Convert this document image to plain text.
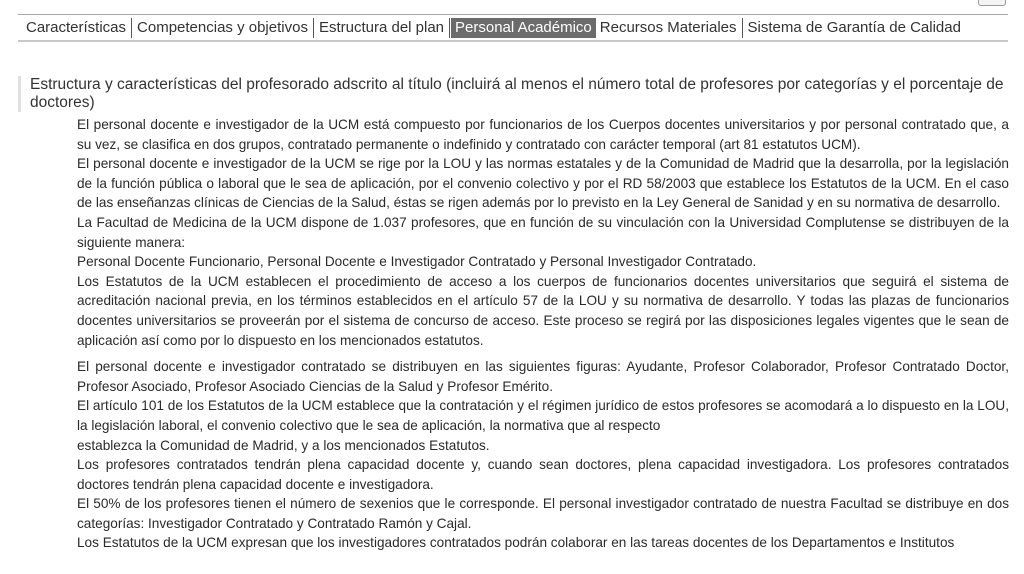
Características Competencias y objetivos Estructura del plan Personal Académico Recursos Materiales Sistema de Garantía de Calidad
Estructura y características del profesorado adscrito al título (incluirá al menos el número total de profesores por categorías y el porcentaje de doctores)

El personal docente e investigador de la UCM está compuesto por funcionarios de los Cuerpos docentes universitarios y por personal contratado que, a su vez, se clasifica en dos grupos, contratado permanente o indefinido y contratado con carácter temporal (art 81 estatutos UCM).

El personal docente e investigador de la UCM se rige por la LOU y las normas estatales y de la Comunidad de Madrid que la desarrolla, por la legislación de la función pública o laboral que le sea de aplicación, por el convenio colectivo y por el RD 58/2003 que establece los Estatutos de la UCM. En el caso de las enseñanzas clínicas de Ciencias de la Salud, éstas se rigen además por lo previsto en la Ley General de Sanidad y en su normativa de desarrollo.

La Facultad de Medicina de la UCM dispone de 1.037 profesores, que en función de su vinculación con la Universidad Complutense se distribuyen de la siguiente manera:

Personal Docente Funcionario, Personal Docente e Investigador Contratado y Personal Investigador Contratado.

Los Estatutos de la UCM establecen el procedimiento de acceso a los cuerpos de funcionarios docentes universitarios que seguirá el sistema de acreditación nacional previa, en los términos establecidos en el artículo 57 de la LOU y su normativa de desarrollo. Y todas las plazas de funcionarios docentes universitarios se proveerán por el sistema de concurso de acceso. Este proceso se regirá por las disposiciones legales vigentes que le sean de aplicación así como por lo dispuesto en los mencionados estatutos.

El personal docente e investigador contratado se distribuyen en las siguientes figuras: Ayudante, Profesor Colaborador, Profesor Contratado Doctor, Profesor Asociado, Profesor Asociado Ciencias de la Salud y Profesor Emérito.

El artículo 101 de los Estatutos de la UCM establece que la contratación y el régimen jurídico de estos profesores se acomodará a lo dispuesto en la LOU, la legislación laboral, el convenio colectivo que le sea de aplicación, la normativa que al respecto

establezca la Comunidad de Madrid, y a los mencionados Estatutos.

Los profesores contratados tendrán plena capacidad docente y, cuando sean doctores, plena capacidad investigadora. Los profesores contratados doctores tendrán plena capacidad docente e investigadora.

El 50% de los profesores tienen el número de sexenios que le corresponde. El personal investigador contratado de nuestra Facultad se distribuye en dos categorías: Investigador Contratado y Contratado Ramón y Cajal.

Los Estatutos de la UCM expresan que los investigadores contratados podrán colaborar en las tareas docentes de los Departamentos e Institutos
